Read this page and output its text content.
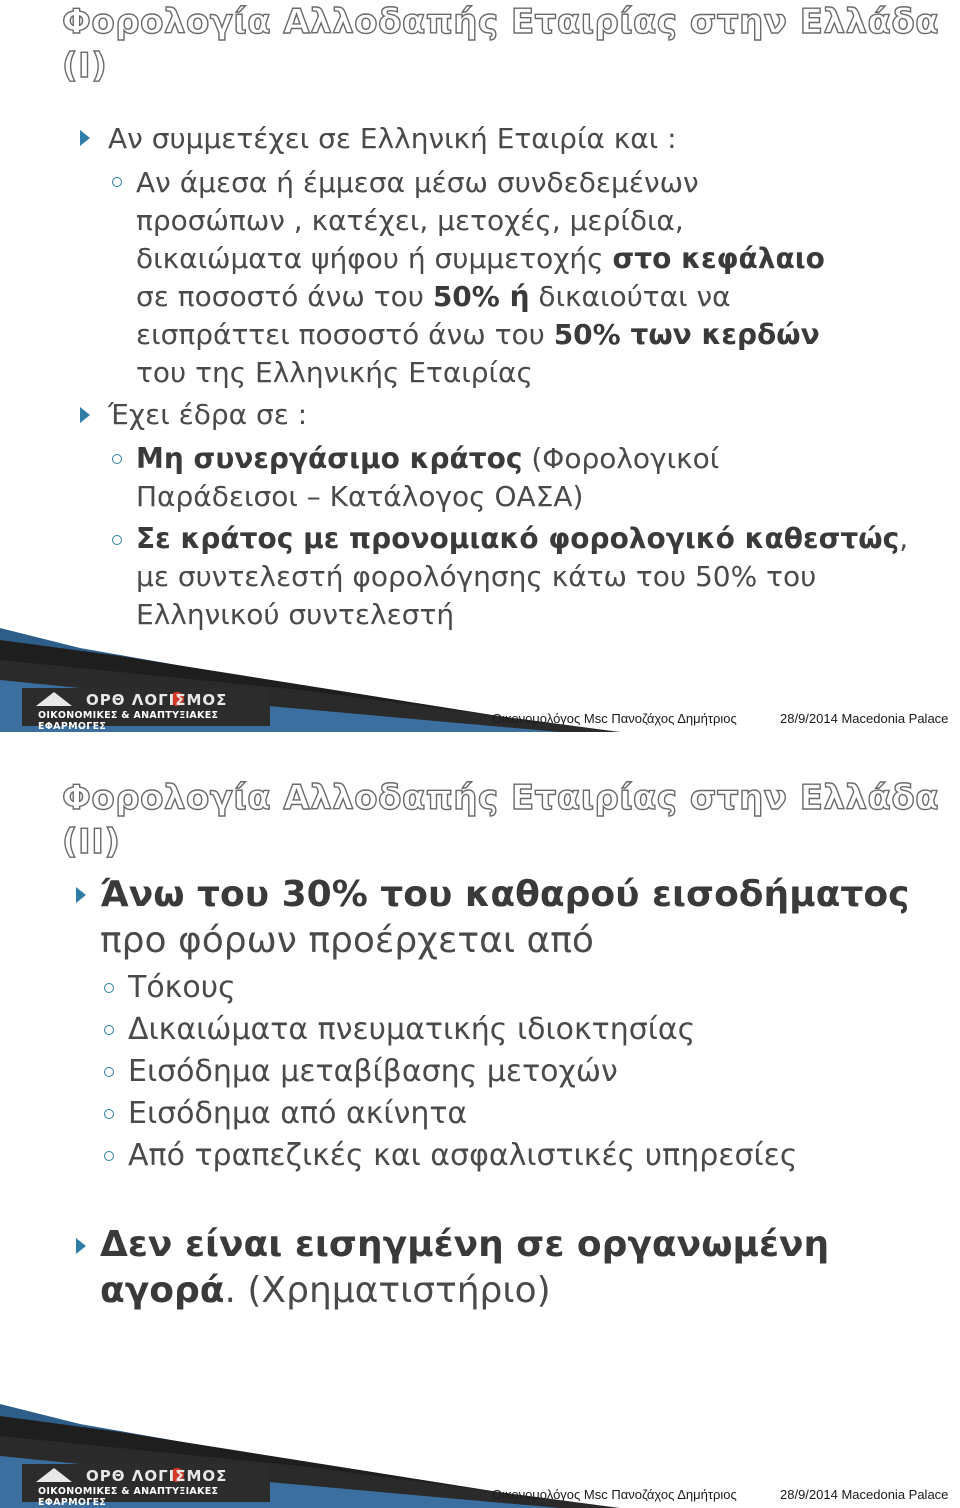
Φορολογία Αλλοδαπής Εταιρίας στην Ελλάδα (Ι)
Αν συμμετέχει σε Ελληνική Εταιρία και :
Αν άμεσα ή έμμεσα μέσω συνδεδεμένων
προσώπων , κατέχει, μετοχές, μερίδια,
δικαιώματα ψήφου ή συμμετοχής στο κεφάλαιο
σε ποσοστό άνω του 50% ή δικαιούται να
εισπράττει ποσοστό άνω του 50% των κερδών
του της Ελληνικής Εταιρίας
Έχει έδρα σε :
Μη συνεργάσιμο κράτος (Φορολογικοί
Παράδεισοι – Κατάλογος ΟΑΣΑ)
Σε κράτος με προνομιακό φορολογικό καθεστώς,
με συντελεστή φορολόγησης κάτω του 50% του
Ελληνικού συντελεστή
ΟΡΘ ΛΟΓΙΣΜΟΣ
ΟΙΚΟΝΟΜΙΚΕΣ & ΑΝΑΠΤΥΞΙΑΚΕΣ ΕΦΑΡΜΟΓΕΣ
Οικονομολόγος Msc Πανοζάχος Δημήτριος	28/9/2014 Macedonia Palace
Φορολογία Αλλοδαπής Εταιρίας στην Ελλάδα (ΙΙ)
Άνω του 30% του καθαρού εισοδήματος
προ φόρων προέρχεται από
Τόκους
Δικαιώματα πνευματικής ιδιοκτησίας
Εισόδημα μεταβίβασης μετοχών
Εισόδημα από ακίνητα
Από τραπεζικές και ασφαλιστικές υπηρεσίες
Δεν είναι εισηγμένη σε οργανωμένη
αγορά. (Χρηματιστήριο)
ΟΡΘ ΛΟΓΙΣΜΟΣ
ΟΙΚΟΝΟΜΙΚΕΣ & ΑΝΑΠΤΥΞΙΑΚΕΣ ΕΦΑΡΜΟΓΕΣ
Οικονομολόγος Msc Πανοζάχος Δημήτριος	28/9/2014 Macedonia Palace
